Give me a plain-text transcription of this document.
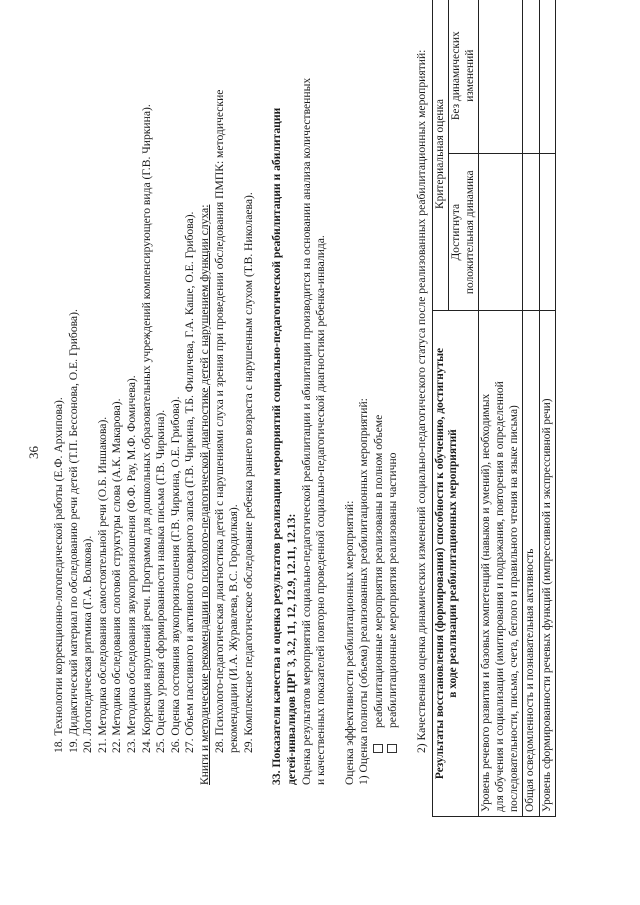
36 18. Технологии коррекционно-логопедической работы (Е.Ф. Архипова). 19. Дидактический материал по обследованию речи детей (Т.П. Бессонова, О.Е. Грибова). 20. Логопедическая ритмика (Г.А. Волкова). 21. Методика обследования самостоятельной речи (О.Б. Иншакова). 22. Методика обследования слоговой структуры слова (А.К. Макарова). 23. Методика обследования звукопроизношения (Ф.Ф. Рау, М.Ф. Фомичева). 24. Коррекция нарушений речи. Программа для дошкольных образовательных учреждений компенсирующего вида (Г.В. Чиркина). 25. Оценка уровня сформированности навыка письма (Г.В. Чиркина). 26. Оценка состояния звукопроизношения (Г.В. Чиркина, О.Е. Грибова). 27. Объем пассивного и активного словарного запаса (Г.В. Чиркина, Т.Б. Филичева, Г.А. Каше, О.Е. Грибова). Книги и методические рекомендации по психолого-педагогической диагностике детей с нарушением функции слуха: 28. Психолого-педагогическая диагностика детей с нарушениями слуха и зрения при проведении обследования ПМПК: методические рекомендации (И.А. Журавлева, В.С. Городилкая). 29. Комплексное педагогическое обследование ребенка раннего возраста с нарушенным слухом (Т.В. Николаева). 33. Показатели качества и оценка результатов реализации мероприятий социально-педагогической реабилитации и абилитации детей-инвалидов ЦРГ 3, 3.2, 11, 12, 12.9, 12.11, 12.13: Оценка результатов мероприятий социально-педагогической реабилитации и абилитации производится на основании анализа количественных и качественных показателей повторно проведенной социально-педагогической диагностики ребенка-инвалида. Оценка эффективности реабилитационных мероприятий: 1) Оценка полноты (объема) реализованных реабилитационных мероприятий: реабилитационные мероприятия реализованы в полном объеме реабилитационные мероприятия реализованы частично 2) Качественная оценка динамических изменений социально-педагогического статуса после реализованных реабилитационных мероприятий: Результаты восстановления (формирования) способности к обучению, достигнутые в ходе реализации реабилитационных мероприятий	Критериальная оценка	
	Достигнута положительная динамика	Без динамических изменений
Уровень речевого развития и базовых компетенций (навыков и умений), необходимых для обучения и социализации (имитирования и подражания, повторения в определенной последовательности, письма, счета, беглого и правильного чтения на языке письма)		
Общая осведомленность и познавательная активность		
Уровень сформированности речевых функций (импрессивной и экспрессивной речи)		
